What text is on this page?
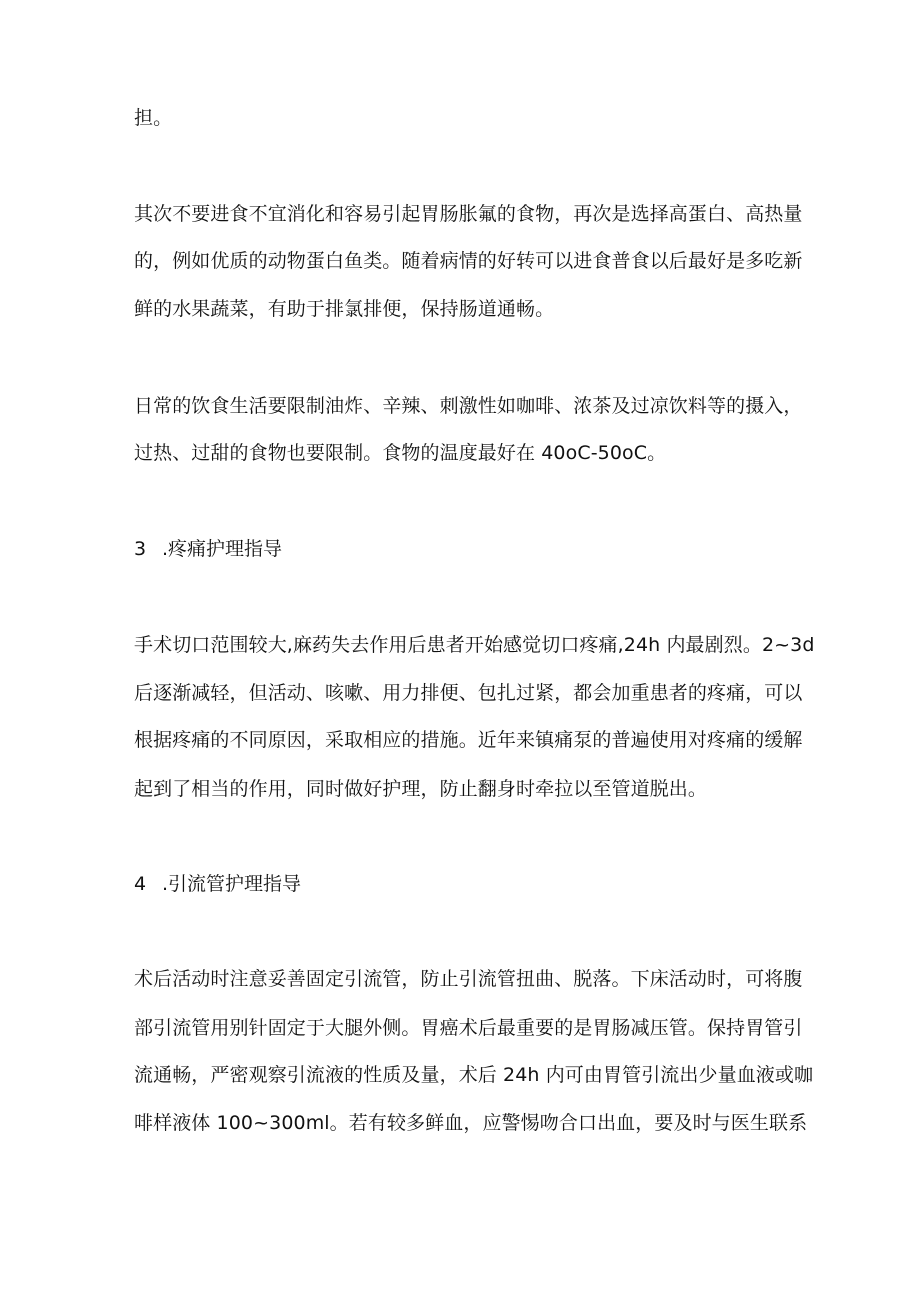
担。

其次不要进食不宜消化和容易引起胃肠胀氟的食物，再次是选择高蛋白、高热量

的，例如优质的动物蛋白鱼类。随着病情的好转可以进食普食以后最好是多吃新

鲜的水果蔬菜，有助于排氯排便，保持肠道通畅。

日常的饮食生活要限制油炸、辛辣、刺激性如咖啡、浓茶及过凉饮料等的摄入，

过热、过甜的食物也要限制。食物的温度最好在 40oC-50oC。

3 .疼痛护理指导

手术切口范围较大,麻药失去作用后患者开始感觉切口疼痛,24h 内最剧烈。2~3d

后逐渐减轻，但活动、咳嗽、用力排便、包扎过紧，都会加重患者的疼痛，可以

根据疼痛的不同原因，采取相应的措施。近年来镇痛泵的普遍使用对疼痛的缓解

起到了相当的作用，同时做好护理，防止翻身时牵拉以至管道脱出。

4 .引流管护理指导

术后活动时注意妥善固定引流管，防止引流管扭曲、脱落。下床活动时，可将腹

部引流管用别针固定于大腿外侧。胃癌术后最重要的是胃肠减压管。保持胃管引

流通畅，严密观察引流液的性质及量，术后 24h 内可由胃管引流出少量血液或咖

啡样液体 100~300ml。若有较多鲜血，应警惕吻合口出血，要及时与医生联系
